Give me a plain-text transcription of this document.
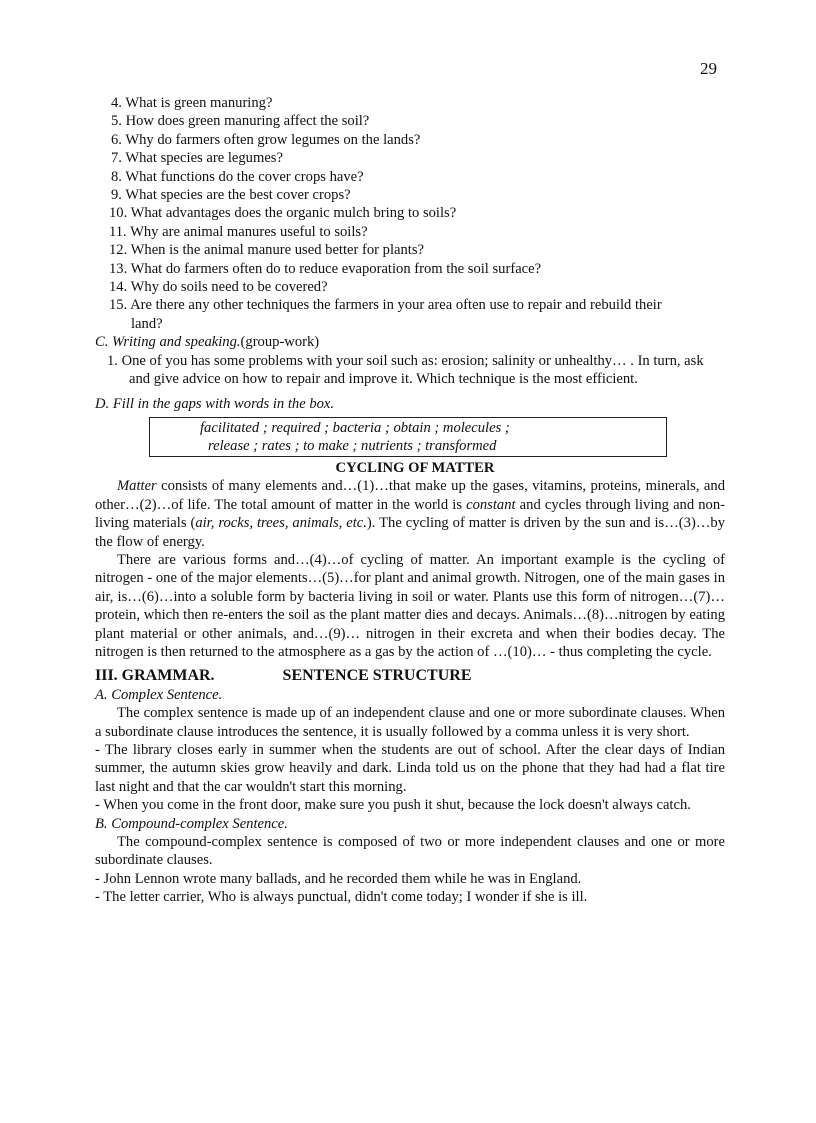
29
4. What is green manuring?
5. How does green manuring affect the soil?
6. Why do farmers often grow legumes on the lands?
7. What species are legumes?
8. What functions do the cover crops have?
9. What species are the best cover crops?
10. What advantages does the organic mulch bring to soils?
11. Why are animal manures useful to soils?
12. When is the animal manure used better for plants?
13. What do farmers often do to reduce evaporation from the soil surface?
14. Why do soils need to be covered?
15. Are there any other techniques the farmers in your area often use to repair and rebuild their land?
C. Writing and speaking.(group-work)
1. One of you has some problems with your soil such as: erosion; salinity or unhealthy… . In turn, ask and give advice on how to repair and improve it. Which technique is the most efficient.
D. Fill in the gaps with words in the box.
facilitated ; required ; bacteria ; obtain ; molecules ;
release ; rates ; to make ; nutrients ; transformed
CYCLING OF MATTER
Matter consists of many elements and…(1)…that make up the gases, vitamins, proteins, minerals, and other…(2)…of life. The total amount of matter in the world is constant and cycles through living and non-living materials (air, rocks, trees, animals, etc.). The cycling of matter is driven by the sun and is…(3)…by the flow of energy.
There are various forms and…(4)…of cycling of matter. An important example is the cycling of nitrogen - one of the major elements…(5)…for plant and animal growth. Nitrogen, one of the main gases in air, is…(6)…into a soluble form by bacteria living in soil or water. Plants use this form of nitrogen…(7)…protein, which then re-enters the soil as the plant matter dies and decays. Animals…(8)…nitrogen by eating plant material or other animals, and…(9)… nitrogen in their excreta and when their bodies decay. The nitrogen is then returned to the atmosphere as a gas by the action of …(10)… - thus completing the cycle.
III. GRAMMAR.	SENTENCE STRUCTURE
A. Complex Sentence.
The complex sentence is made up of an independent clause and one or more subordinate clauses. When a subordinate clause introduces the sentence, it is usually followed by a comma unless it is very short.
- The library closes early in summer when the students are out of school. After the clear days of Indian summer, the autumn skies grow heavily and dark. Linda told us on the phone that they had had a flat tire last night and that the car wouldn't start this morning.
- When you come in the front door, make sure you push it shut, because the lock doesn't always catch.
B. Compound-complex Sentence.
The compound-complex sentence is composed of two or more independent clauses and one or more subordinate clauses.
- John Lennon wrote many ballads, and he recorded them while he was in England.
- The letter carrier, Who is always punctual, didn't come today; I wonder if she is ill.
